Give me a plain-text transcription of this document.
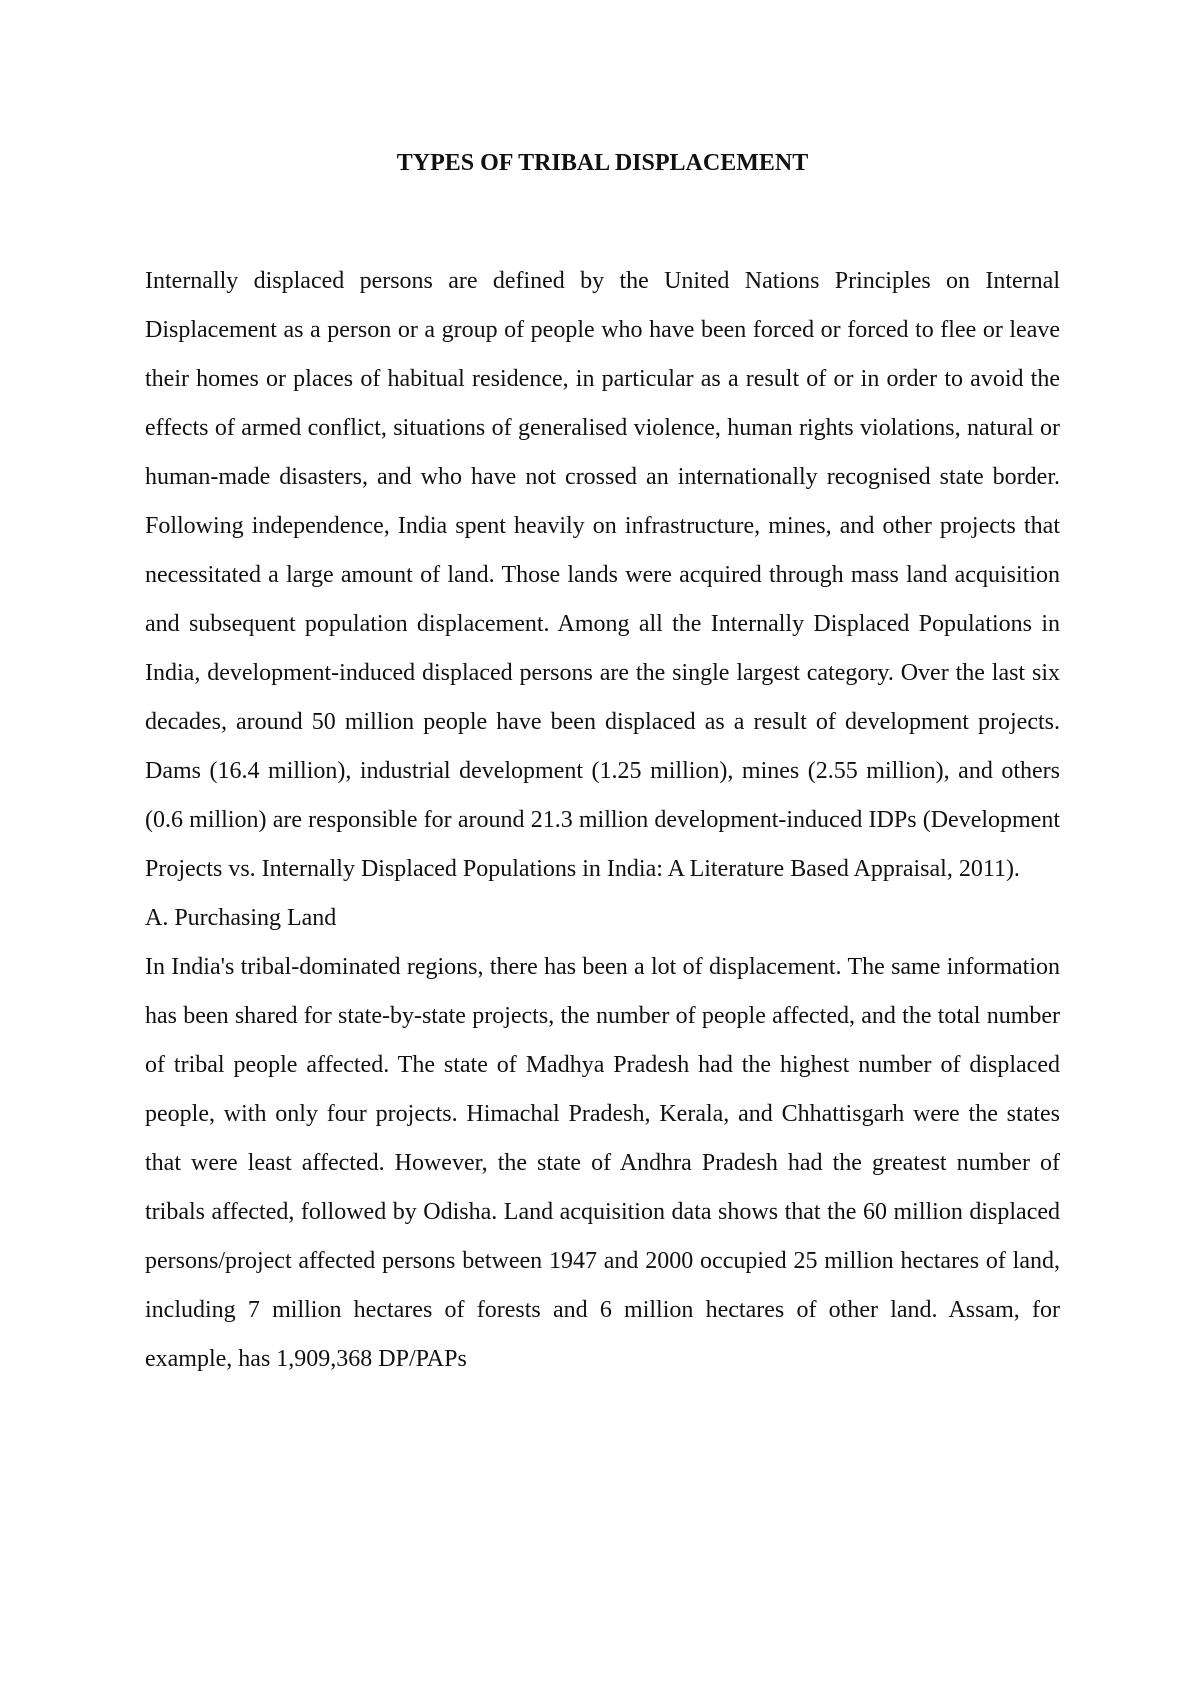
TYPES OF TRIBAL DISPLACEMENT

Internally displaced persons are defined by the United Nations Principles on Internal Displacement as a person or a group of people who have been forced or forced to flee or leave their homes or places of habitual residence, in particular as a result of or in order to avoid the effects of armed conflict, situations of generalised violence, human rights violations, natural or human-made disasters, and who have not crossed an internationally recognised state border. Following independence, India spent heavily on infrastructure, mines, and other projects that necessitated a large amount of land. Those lands were acquired through mass land acquisition and subsequent population displacement. Among all the Internally Displaced Populations in India, development-induced displaced persons are the single largest category. Over the last six decades, around 50 million people have been displaced as a result of development projects. Dams (16.4 million), industrial development (1.25 million), mines (2.55 million), and others (0.6 million) are responsible for around 21.3 million development-induced IDPs (Development Projects vs. Internally Displaced Populations in India: A Literature Based Appraisal, 2011).

A. Purchasing Land

In India's tribal-dominated regions, there has been a lot of displacement. The same information has been shared for state-by-state projects, the number of people affected, and the total number of tribal people affected. The state of Madhya Pradesh had the highest number of displaced people, with only four projects. Himachal Pradesh, Kerala, and Chhattisgarh were the states that were least affected. However, the state of Andhra Pradesh had the greatest number of tribals affected, followed by Odisha. Land acquisition data shows that the 60 million displaced persons/project affected persons between 1947 and 2000 occupied 25 million hectares of land, including 7 million hectares of forests and 6 million hectares of other land. Assam, for example, has 1,909,368 DP/PAPs
